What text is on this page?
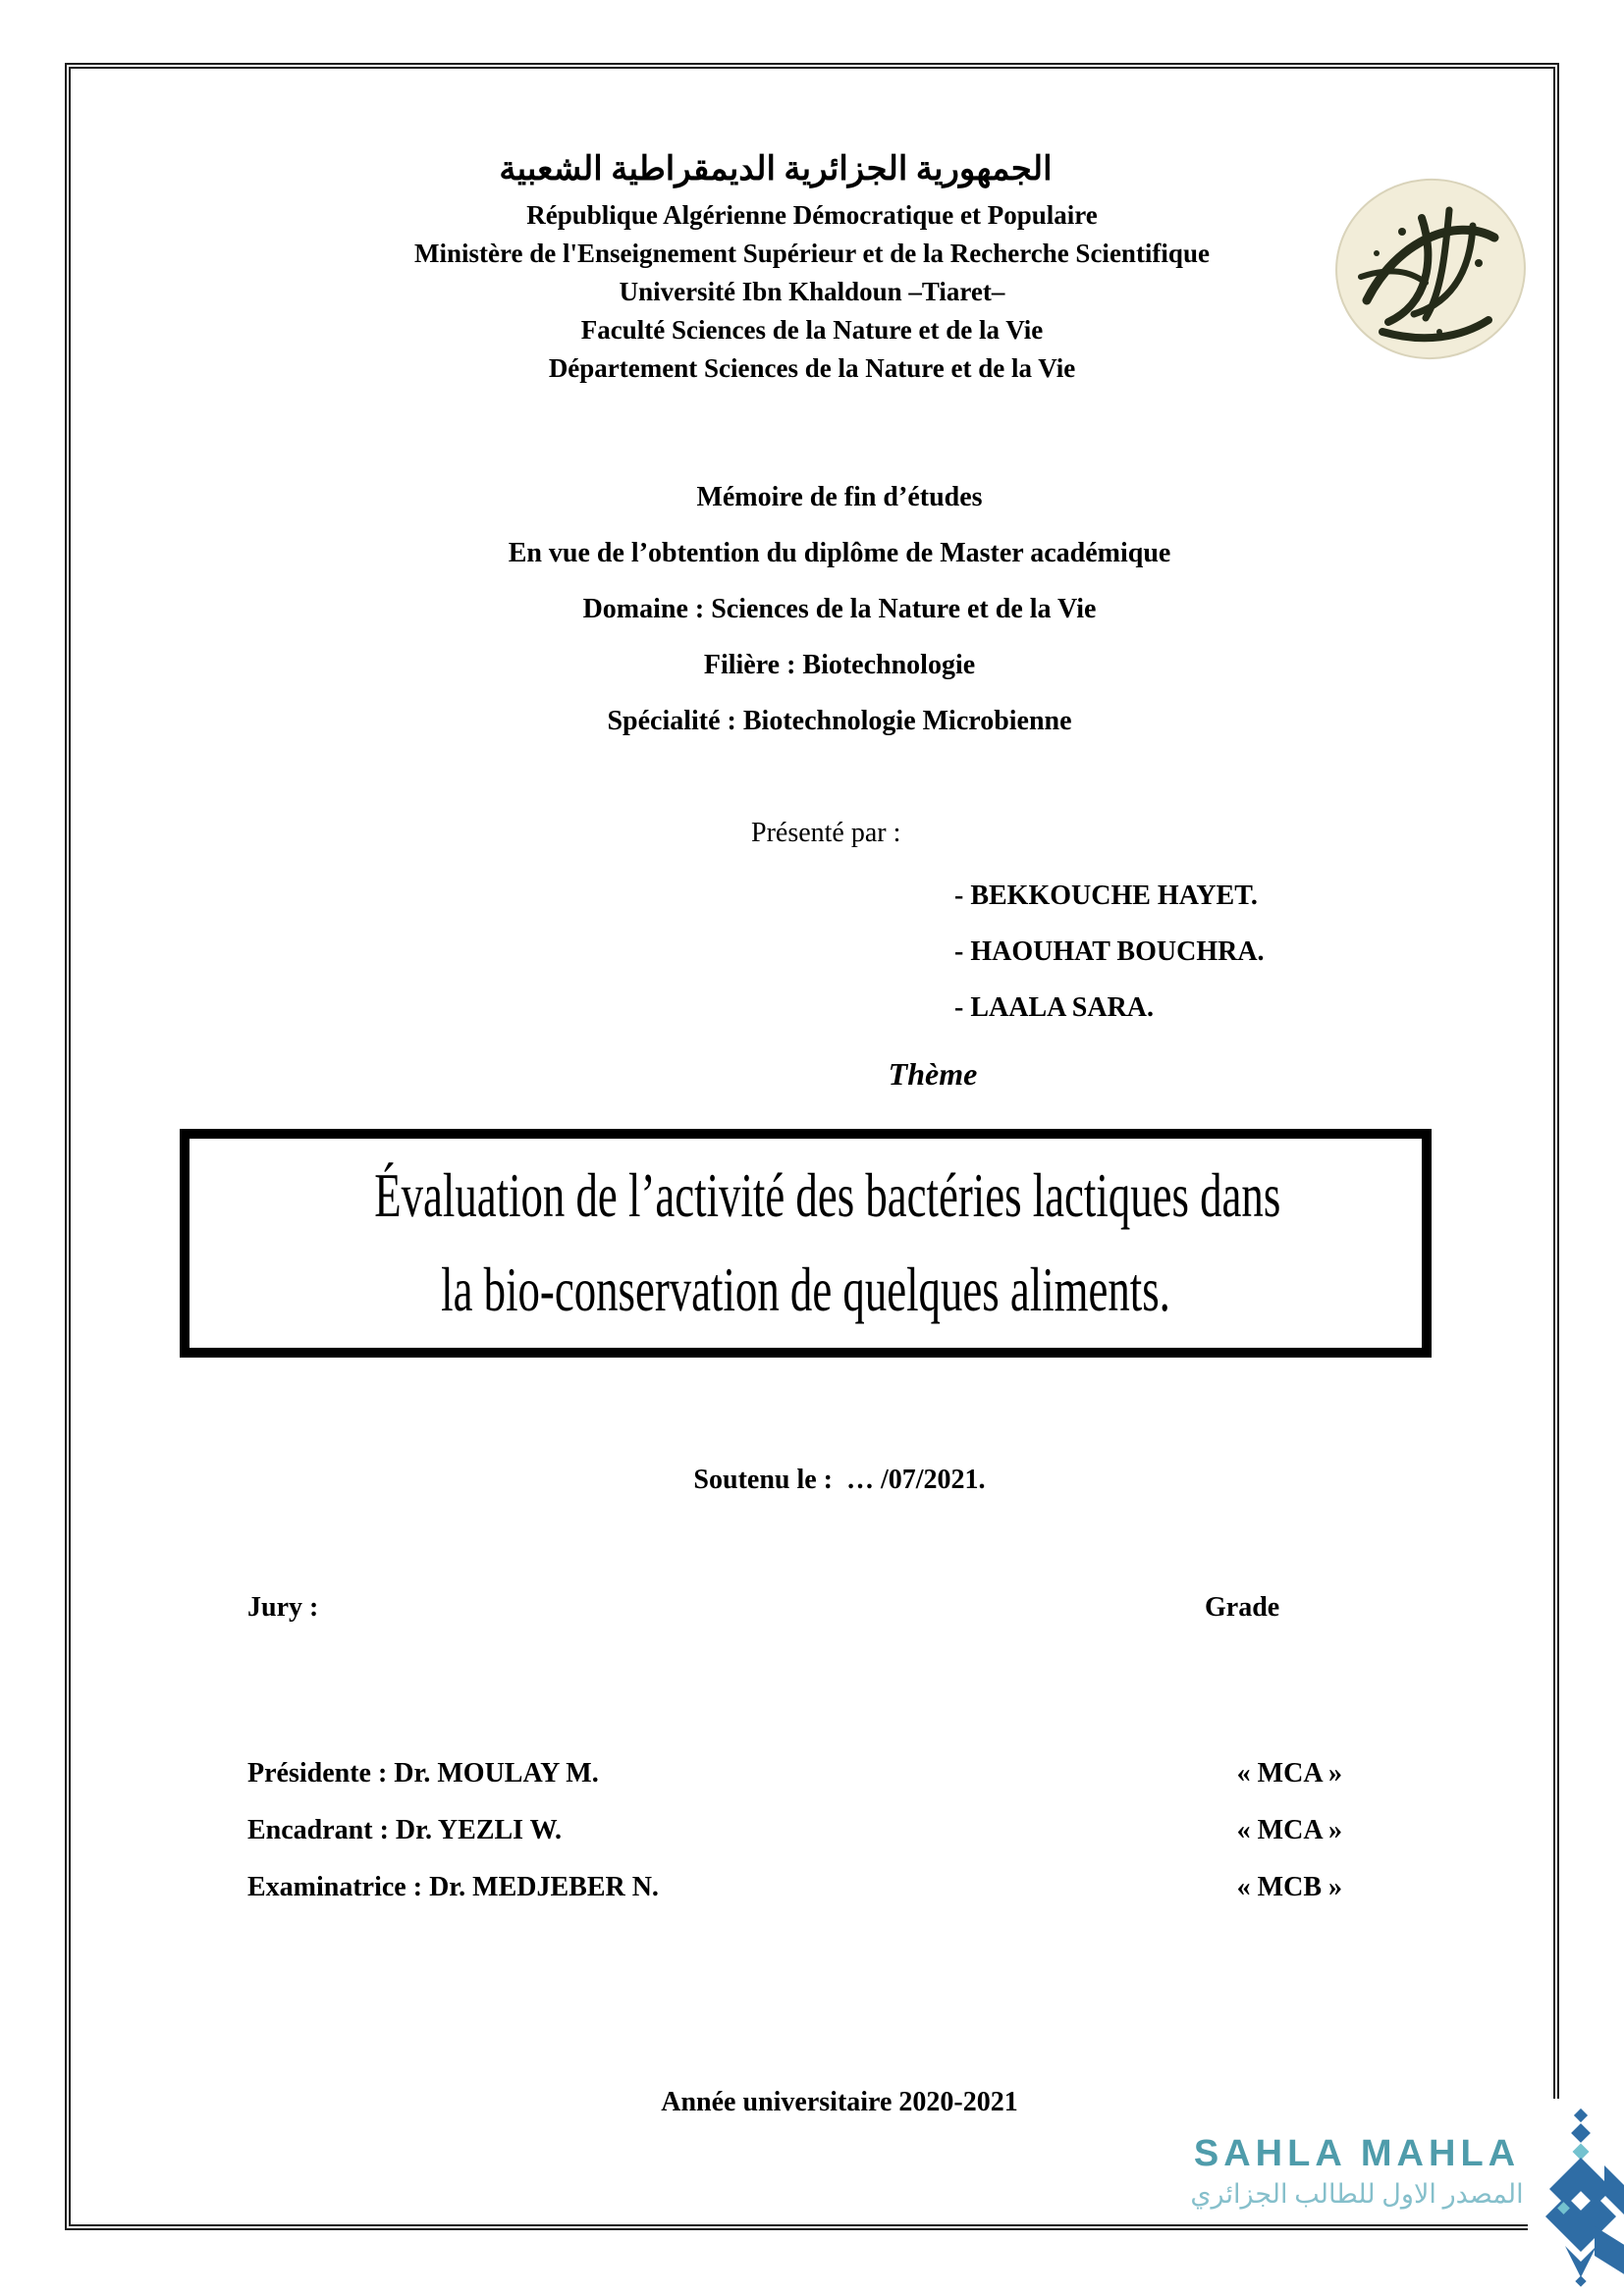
الجمهورية الجزائرية الديمقراطية الشعبية
République Algérienne Démocratique et Populaire
Ministère de l'Enseignement Supérieur et de la Recherche Scientifique
Université Ibn Khaldoun –Tiaret–
Faculté Sciences de la Nature et de la Vie
Département Sciences de la Nature et de la Vie
Mémoire de fin d’études
En vue de l’obtention du diplôme de Master académique
Domaine : Sciences de la Nature et de la Vie
Filière : Biotechnologie
Spécialité : Biotechnologie Microbienne
Présenté par :
- BEKKOUCHE HAYET.
- HAOUHAT BOUCHRA.
- LAALA SARA.
Thème
Évaluation de l’activité des bactéries lactiques dans
la bio-conservation de quelques aliments.
Soutenu le :  … /07/2021.
Jury :	Grade
Présidente : Dr. MOULAY M.	« MCA »
Encadrant : Dr. YEZLI W.	« MCA »
Examinatrice : Dr. MEDJEBER N.	« MCB »
Année universitaire 2020-2021
SAHLA MAHLA
المصدر الاول للطالب الجزائري
